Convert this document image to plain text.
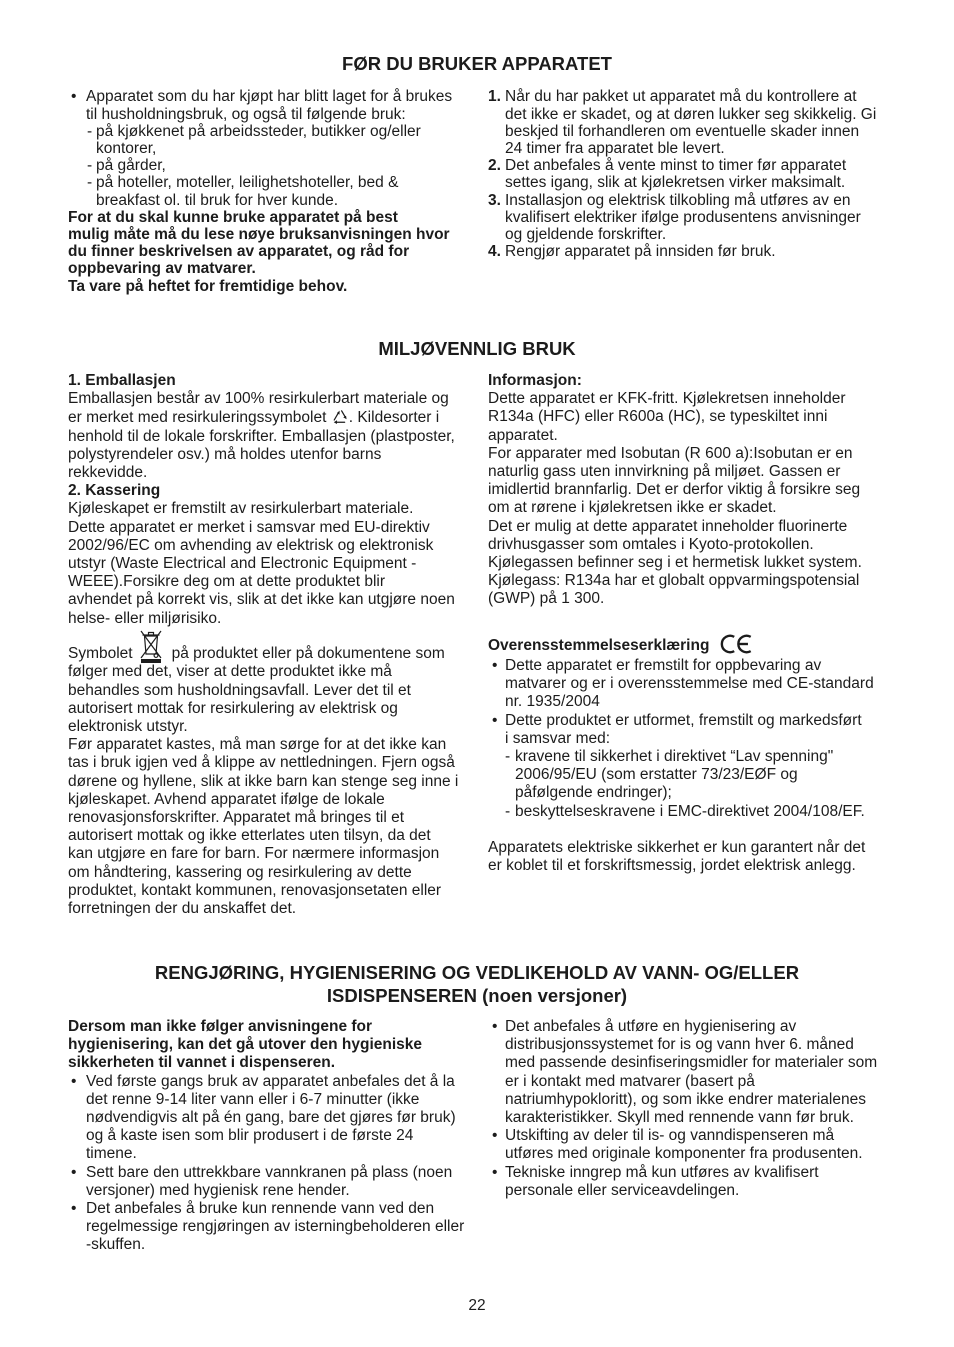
FØR DU BRUKER APPARATET
• Apparatet som du har kjøpt har blitt laget for å brukes
til husholdningsbruk, og også til følgende bruk:
- på kjøkkenet på arbeidssteder, butikker og/eller
kontorer,
- på gårder,
- på hoteller, moteller, leilighetshoteller, bed &
breakfast ol. til bruk for hver kunde.
For at du skal kunne bruke apparatet på best
mulig måte må du lese nøye bruksanvisningen hvor
du finner beskrivelsen av apparatet, og råd for
oppbevaring av matvarer.
Ta vare på heftet for fremtidige behov.
1. Når du har pakket ut apparatet må du kontrollere at
det ikke er skadet, og at døren lukker seg skikkelig. Gi
beskjed til forhandleren om eventuelle skader innen
24 timer fra apparatet ble levert.
2. Det anbefales å vente minst to timer før apparatet
settes igang, slik at kjølekretsen virker maksimalt.
3. Installasjon og elektrisk tilkobling må utføres av en
kvalifisert elektriker ifølge produsentens anvisninger
og gjeldende forskrifter.
4. Rengjør apparatet på innsiden før bruk.
MILJØVENNLIG BRUK
1. Emballasjen
Emballasjen består av 100% resirkulerbart materiale og
er merket med resirkuleringssymbolet . Kildesorter i
henhold til de lokale forskrifter. Emballasjen (plastposter,
polystyrendeler osv.) må holdes utenfor barns
rekkevidde.
2. Kassering
Kjøleskapet er fremstilt av resirkulerbart materiale.
Dette apparatet er merket i samsvar med EU-direktiv
2002/96/EC om avhending av elektrisk og elektronisk
utstyr (Waste Electrical and Electronic Equipment -
WEEE).Forsikre deg om at dette produktet blir
avhendet på korrekt vis, slik at det ikke kan utgjøre noen
helse- eller miljørisiko.
Symbolet	på produktet eller på dokumentene som
følger med det, viser at dette produktet ikke må
behandles som husholdningsavfall. Lever det til et
autorisert mottak for resirkulering av elektrisk og
elektronisk utstyr.
Før apparatet kastes, må man sørge for at det ikke kan
tas i bruk igjen ved å klippe av nettledningen. Fjern også
dørene og hyllene, slik at ikke barn kan stenge seg inne i
kjøleskapet. Avhend apparatet ifølge de lokale
renovasjonsforskrifter. Apparatet må bringes til et
autorisert mottak og ikke etterlates uten tilsyn, da det
kan utgjøre en fare for barn. For nærmere informasjon
om håndtering, kassering og resirkulering av dette
produktet, kontakt kommunen, renovasjonsetaten eller
forretningen der du anskaffet det.
Informasjon:
Dette apparatet er KFK-fritt. Kjølekretsen inneholder
R134a (HFC) eller R600a (HC), se typeskiltet inni
apparatet.
For apparater med Isobutan (R 600 a):Isobutan er en
naturlig gass uten innvirkning på miljøet. Gassen er
imidlertid brannfarlig. Det er derfor viktig å forsikre seg
om at rørene i kjølekretsen ikke er skadet.
Det er mulig at dette apparatet inneholder fluorinerte
drivhusgasser som omtales i Kyoto-protokollen.
Kjølegassen befinner seg i et hermetisk lukket system.
Kjølegass: R134a har et globalt oppvarmingspotensial
(GWP) på 1 300.
Overensstemmelseserklæring
• Dette apparatet er fremstilt for oppbevaring av
matvarer og er i overensstemmelse med CE-standard
nr. 1935/2004
• Dette produktet er utformet, fremstilt og markedsført
i samsvar med:
- kravene til sikkerhet i direktivet “Lav spenning"
2006/95/EU (som erstatter 73/23/EØF og
påfølgende endringer);
- beskyttelseskravene i EMC-direktivet 2004/108/EF.
Apparatets elektriske sikkerhet er kun garantert når det
er koblet til et forskriftsmessig, jordet elektrisk anlegg.
RENGJØRING, HYGIENISERING OG VEDLIKEHOLD AV VANN- OG/ELLER
ISDISPENSEREN (noen versjoner)
Dersom man ikke følger anvisningene for
hygienisering, kan det gå utover den hygieniske
sikkerheten til vannet i dispenseren.
• Ved første gangs bruk av apparatet anbefales det å la
det renne 9-14 liter vann eller i 6-7 minutter (ikke
nødvendigvis alt på én gang, bare det gjøres før bruk)
og å kaste isen som blir produsert i de første 24
timene.
• Sett bare den uttrekkbare vannkranen på plass (noen
versjoner) med hygienisk rene hender.
• Det anbefales å bruke kun rennende vann ved den
regelmessige rengjøringen av isterningbeholderen eller
-skuffen.
• Det anbefales å utføre en hygienisering av
distribusjonssystemet for is og vann hver 6. måned
med passende desinfiseringsmidler for materialer som
er i kontakt med matvarer (basert på
natriumhypokloritt), og som ikke endrer materialenes
karakteristikker. Skyll med rennende vann før bruk.
• Utskifting av deler til is- og vanndispenseren må
utføres med originale komponenter fra produsenten.
• Tekniske inngrep må kun utføres av kvalifisert
personale eller serviceavdelingen.
22
